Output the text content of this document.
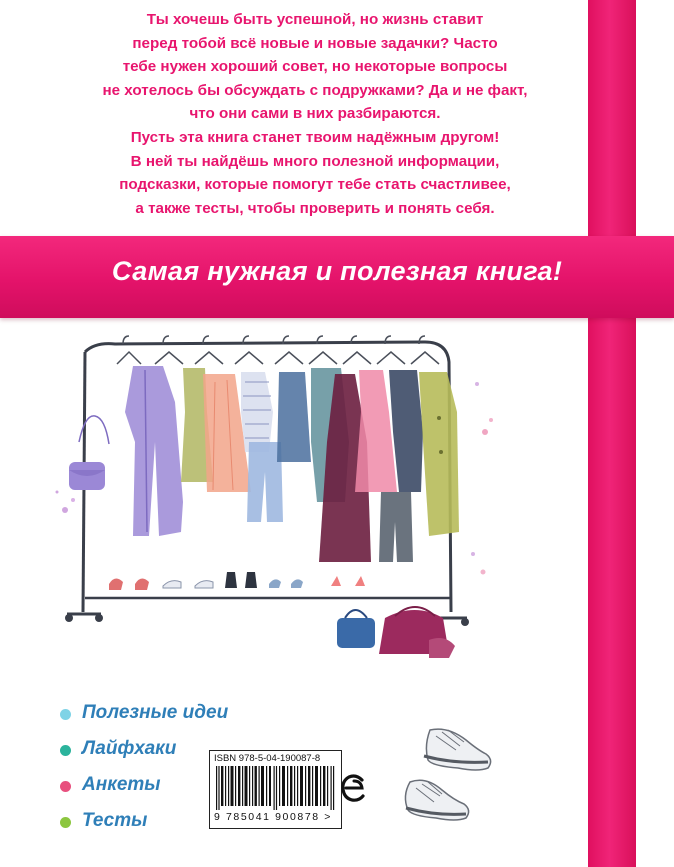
Ты хочешь быть успешной, но жизнь ставит

перед тобой всё новые и новые задачки? Часто

тебе нужен хороший совет, но некоторые вопросы

не хотелось бы обсуждать с подружками? Да и не факт,

что они сами в них разбираются.

Пусть эта книга станет твоим надёжным другом!

В ней ты найдёшь много полезной информации,

подсказки, которые помогут тебе стать счастливее,

а также тесты, чтобы проверить и понять себя.

Самая нужная и полезная книга!
Полезные идеи
Лайфхаки
Анкеты
Тесты
ISBN 978-5-04-190087-8
9 785041 900878 >
